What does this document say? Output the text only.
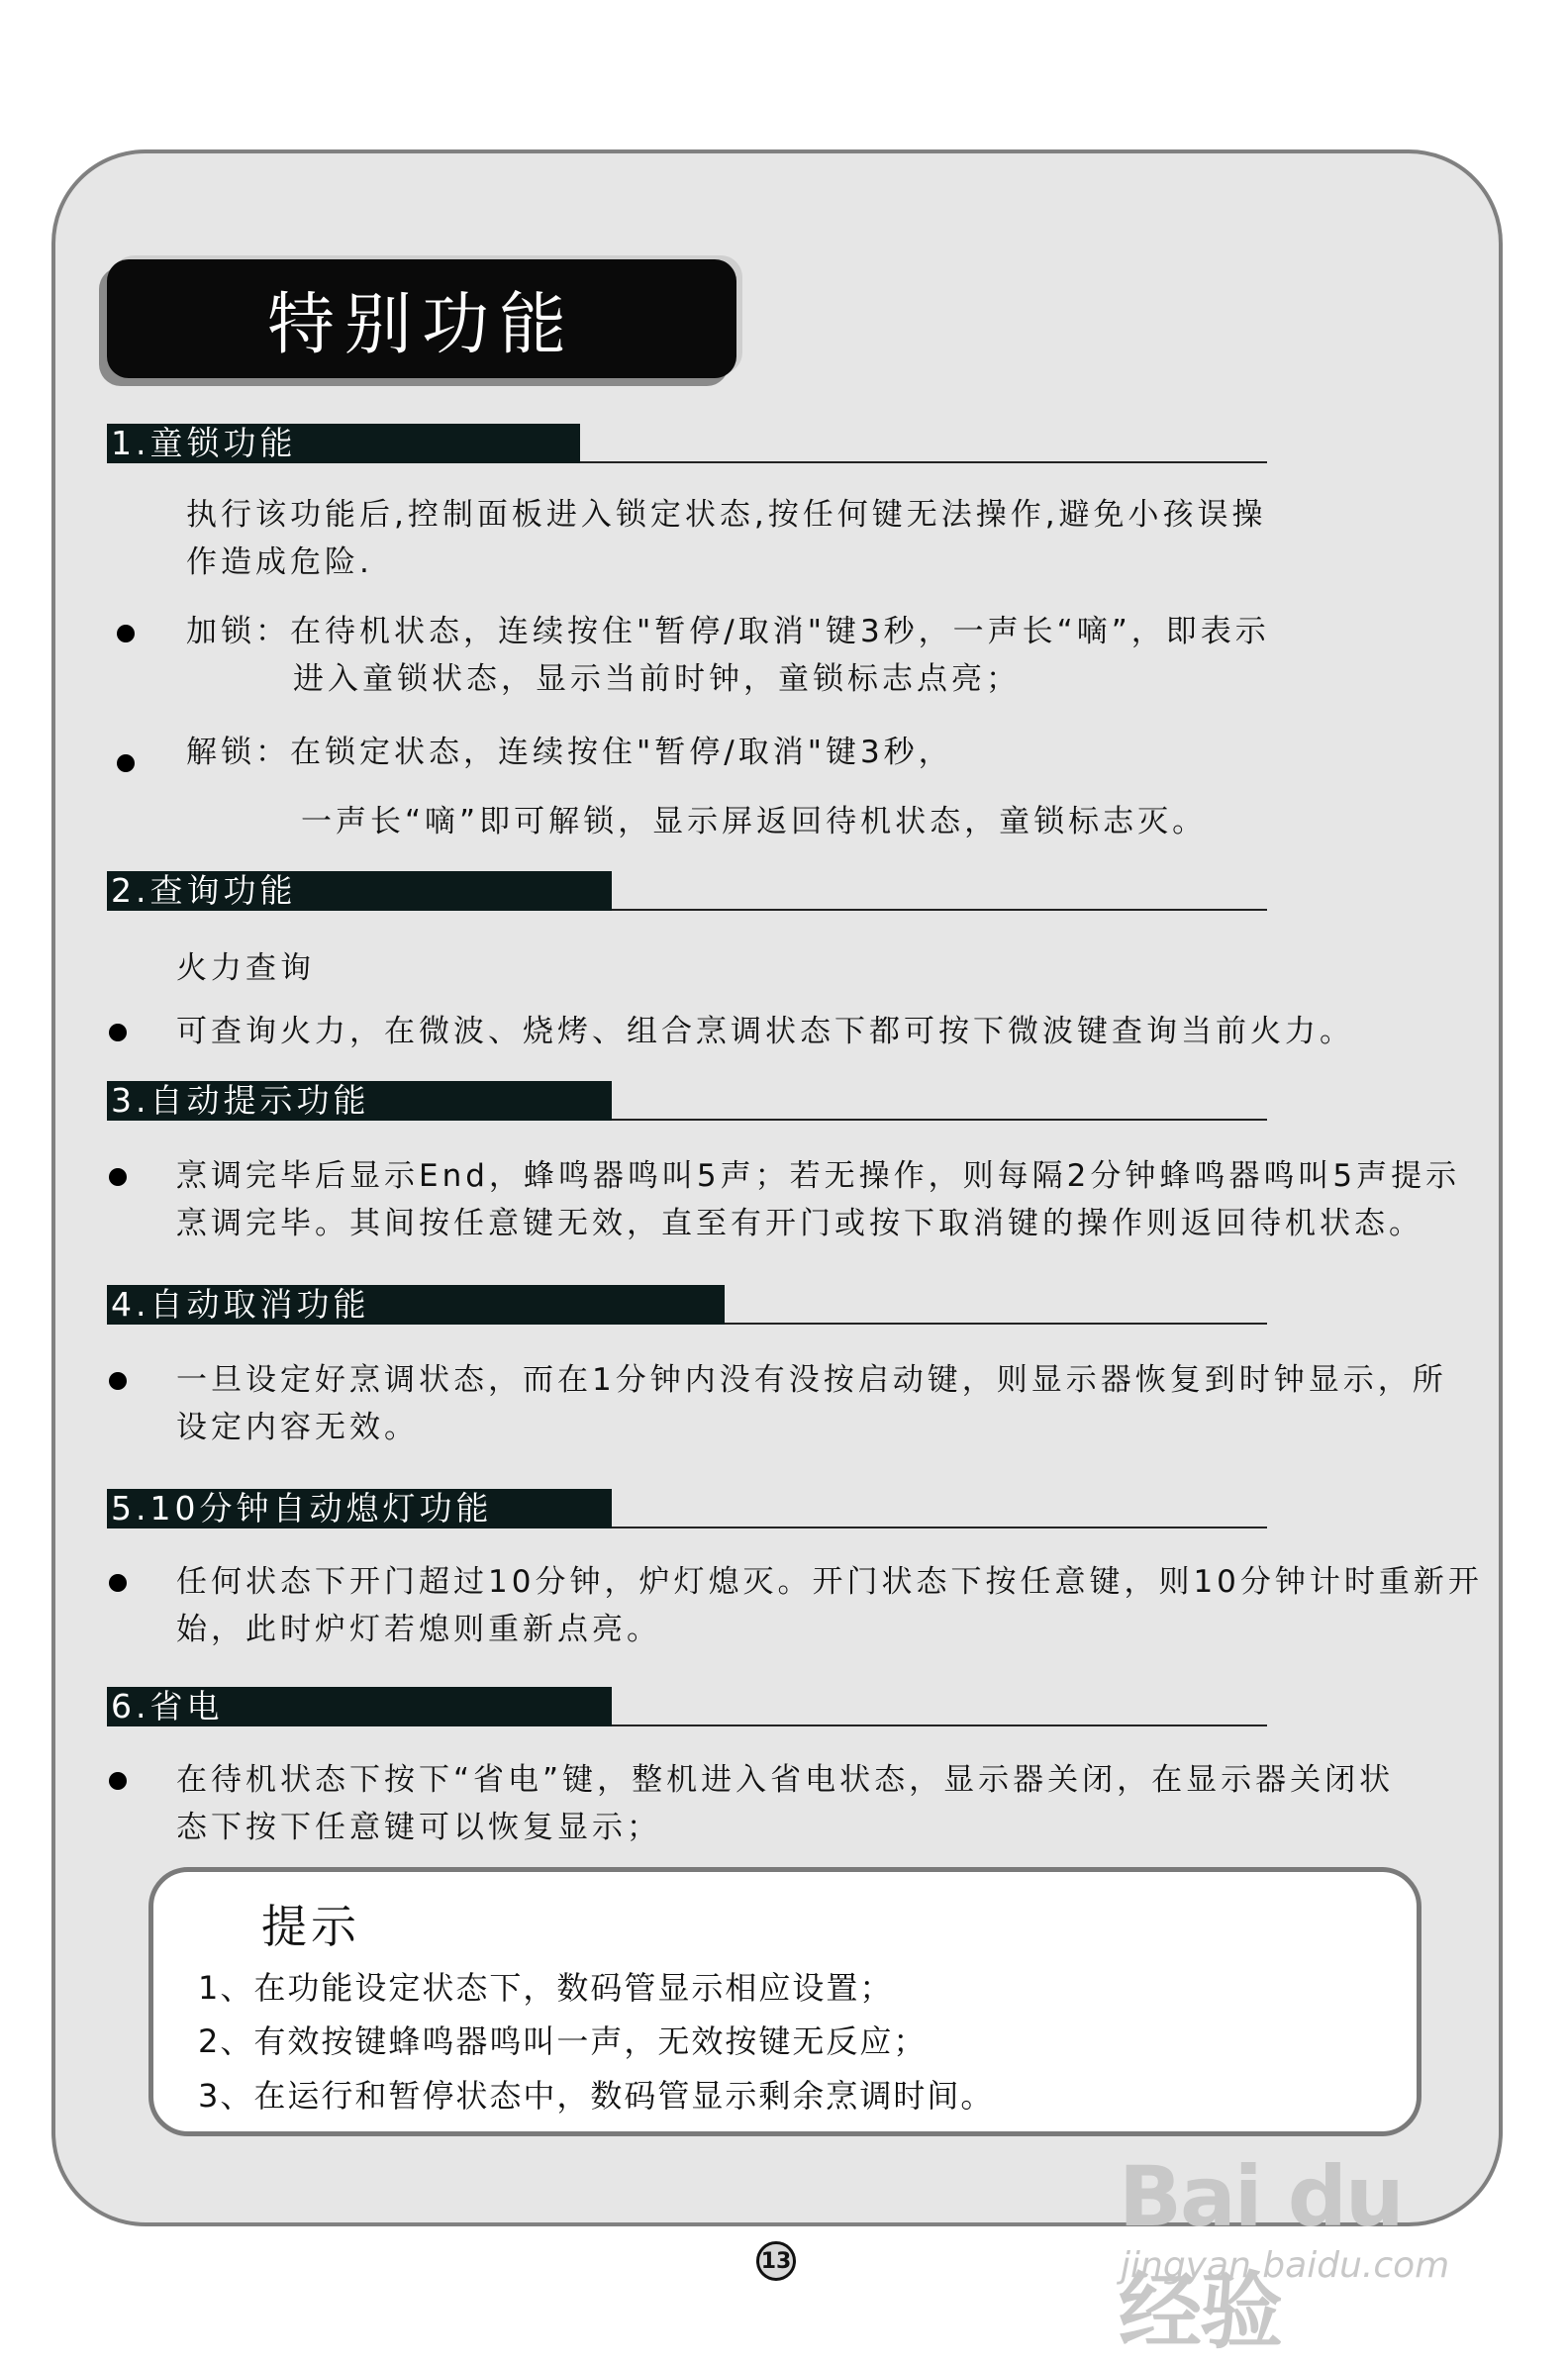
特别功能
1.童锁功能
执行该功能后,控制面板进入锁定状态,按任何键无法操作,避免小孩误操
作造成危险.
加锁：在待机状态，连续按住"暂停/取消"键3秒，一声长“嘀”，即表示
进入童锁状态，显示当前时钟，童锁标志点亮；
解锁：在锁定状态，连续按住"暂停/取消"键3秒，
一声长“嘀”即可解锁，显示屏返回待机状态，童锁标志灭。
2.查询功能
火力查询
可查询火力，在微波、烧烤、组合烹调状态下都可按下微波键查询当前火力。
3.自动提示功能
烹调完毕后显示End，蜂鸣器鸣叫5声；若无操作，则每隔2分钟蜂鸣器鸣叫5声提示
烹调完毕。其间按任意键无效，直至有开门或按下取消键的操作则返回待机状态。
4.自动取消功能
一旦设定好烹调状态，而在1分钟内没有没按启动键，则显示器恢复到时钟显示，所
设定内容无效。
5.10分钟自动熄灯功能
任何状态下开门超过10分钟，炉灯熄灭。开门状态下按任意键，则10分钟计时重新开
始，此时炉灯若熄则重新点亮。
6.省电
在待机状态下按下“省电”键，整机进入省电状态，显示器关闭，在显示器关闭状
态下按下任意键可以恢复显示；
提示
1、在功能设定状态下，数码管显示相应设置；
2、有效按键蜂鸣器鸣叫一声，无效按键无反应；
3、在运行和暂停状态中，数码管显示剩余烹调时间。
13
Bai du 经验
jingyan.baidu.com
